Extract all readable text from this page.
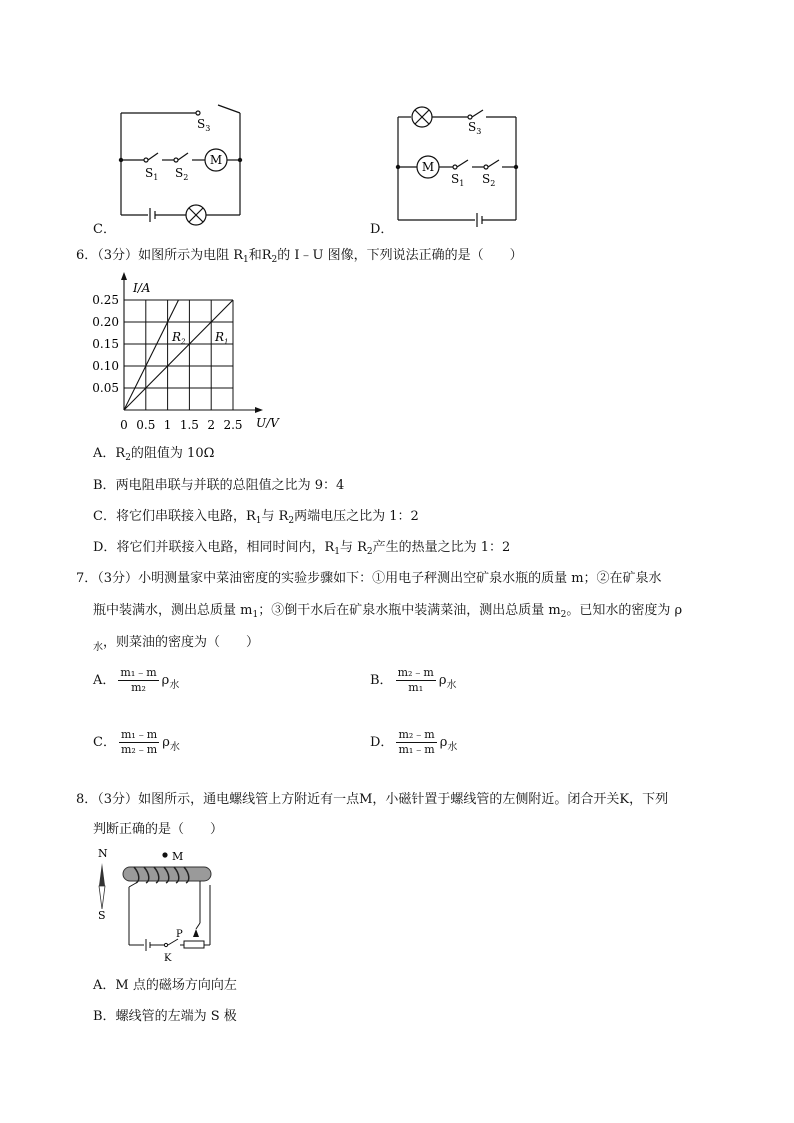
M
$S_3$
$S_1$ $S_2$
C．
M
$S_3$
$S_1$ $S_2$
D．
6．（3分）如图所示为电阻 $R_1$和$R_2$的 I﹣U 图像，下列说法正确的是（　　）
I/A
U/V
0.25
0.20
0.15
0.10
0.05
0 0.5 1 1.5 2 2.5
$R_2$ $R_1$
A．$R_2$的阻值为 10Ω
B．两电阻串联与并联的总阻值之比为 9：4
C．将它们串联接入电路，$R_1$与 $R_2$两端电压之比为 1：2
D．将它们并联接入电路，相同时间内，$R_1$与 $R_2$产生的热量之比为 1：2
7．（3分）小明测量家中菜油密度的实验步骤如下：①用电子秤测出空矿泉水瓶的质量 m；②在矿泉水
瓶中装满水，测出总质量 $m_1$；③倒干水后在矿泉水瓶中装满菜油，测出总质量 $m_2$。已知水的密度为 ρ
$_水$，则菜油的密度为（　　）
A． $\frac{\text{m₁﹣m}}{\text{m₂}} \rho_水$	B． $\frac{\text{m₂﹣m}}{\text{m₁}} \rho_水$
C． $\frac{\text{m₁﹣m}}{\text{m₂﹣m}} \rho_水$	D． $\frac{\text{m₂﹣m}}{\text{m₁﹣m}} \rho_水$
8．（3分）如图所示，通电螺线管上方附近有一点M，小磁针置于螺线管的左侧附近。闭合开关K，下列
判断正确的是（　　）
N
S
M
P
K
A．M 点的磁场方向向左
B．螺线管的左端为 S 极
